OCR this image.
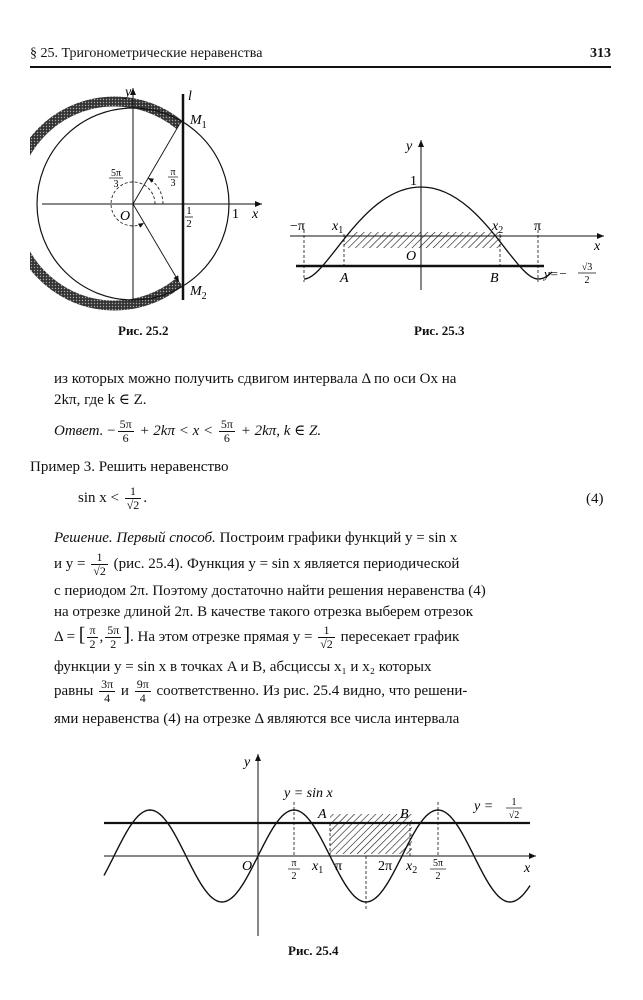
§ 25. Тригонометрические неравенства	313
y
x
l
$M_1$
$M_2$
O	1
1
2
π
3
5π
3
Рис. 25.2
y
x
1
O
−π	π
$x_1$	$x_2$
A	B	y=− √3
2
Рис. 25.3
из которых можно получить сдвигом интервала Δ по оси Ox на
2kπ, где k ∈ Z.
Ответ. − $\frac{5\pi}{6} + 2k\pi < x < \frac{5\pi}{6} + 2k\pi$, k ∈ Z.
Пример 3. Решить неравенство
$\sin x < \frac{1}{√2}$ .	(4)
Решение. Первый способ. Построим графики функций y = sin x
и $y = \frac{1}{√2} (рис$. 25.4). Функция y = sin x является периодической
с периодом 2π. Поэтому достаточно найти решения неравенства (4)
на отрезке длиной 2π. В качестве такого отрезка выберем отрезок
Δ = [ $\frac{\pi}{2}$ , $\frac{5\pi}{2}$ ]. На этом отрезке прямая $y = \frac{1}{√2}$ пересекает график
функции y = sin x в точках A и B, абсциссы x₁ и x₂ которых
равны $\frac{3\pi}{4}$ и $\frac{9\pi}{4}$ соответственно. Из рис. 25.4 видно, что решени-
ями неравенства (4) на отрезке Δ являются все числа интервала
y
x
O
y = sin x
y = 1
√2
A	B
π
2
$x_1$ π	2π $x_2$
5π
2
Рис. 25.4
